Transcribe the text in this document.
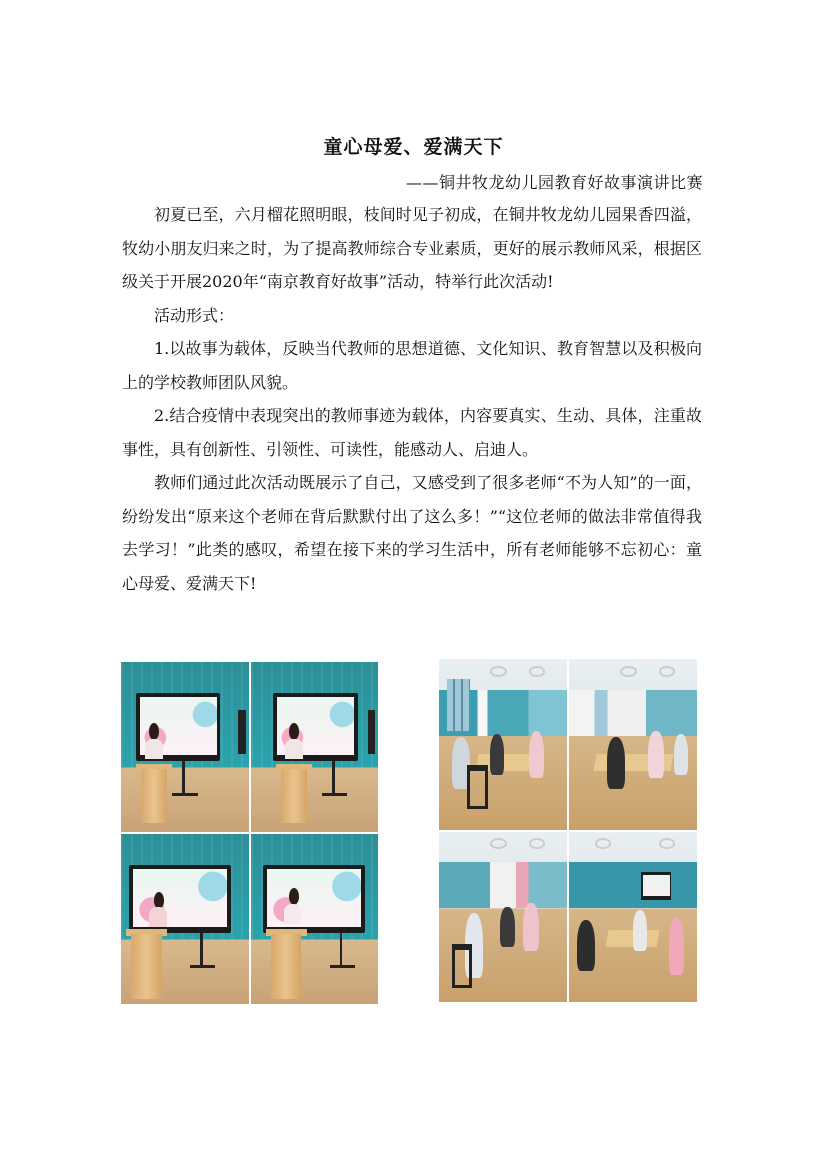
童心母爱、爱满天下
——铜井牧龙幼儿园教育好故事演讲比赛

初夏已至，六月榴花照明眼，枝间时见子初成，在铜井牧龙幼儿园果香四溢，牧幼小朋友归来之时，为了提高教师综合专业素质，更好的展示教师风采，根据区级关于开展2020年“南京教育好故事”活动，特举行此次活动!

活动形式：

1.以故事为载体，反映当代教师的思想道德、文化知识、教育智慧以及积极向上的学校教师团队风貌。

2.结合疫情中表现突出的教师事迹为载体，内容要真实、生动、具体，注重故事性，具有创新性、引领性、可读性，能感动人、启迪人。

教师们通过此次活动既展示了自己，又感受到了很多老师“不为人知”的一面，纷纷发出“原来这个老师在背后默默付出了这么多！”“这位老师的做法非常值得我去学习！”此类的感叹，希望在接下来的学习生活中，所有老师能够不忘初心：童心母爱、爱满天下!
